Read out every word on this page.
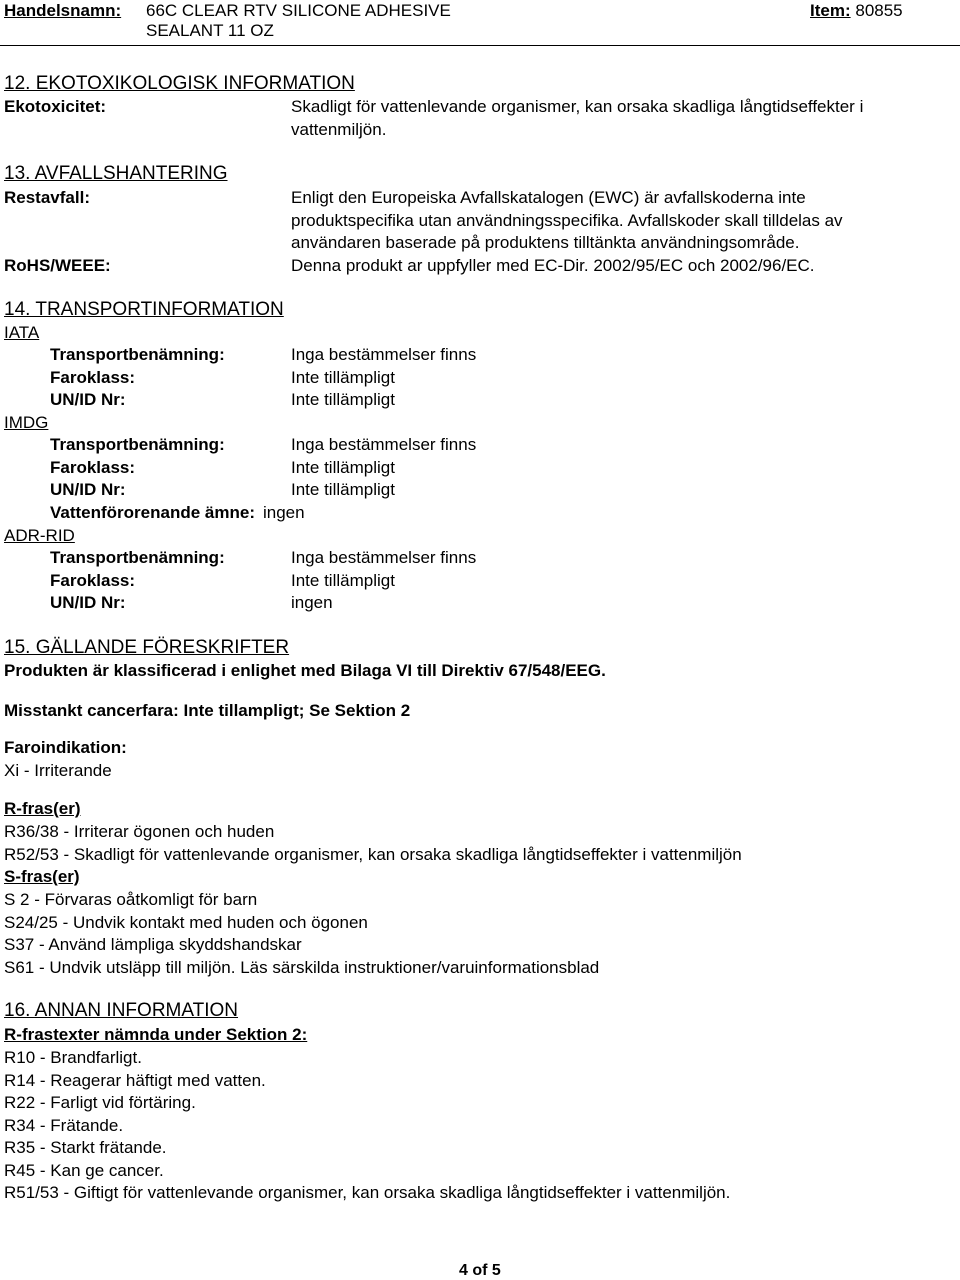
Handelsnamn: 66C CLEAR RTV SILICONE ADHESIVE
SEALANT 11 OZ
Item: 80855
12. EKOTOXIKOLOGISK INFORMATION
Ekotoxicitet:	Skadligt för vattenlevande organismer, kan orsaka skadliga långtidseffekter i vattenmiljön.
13. AVFALLSHANTERING
Restavfall:	Enligt den Europeiska Avfallskatalogen (EWC) är avfallskoderna inte produktspecifika utan användningsspecifika. Avfallskoder skall tilldelas av användaren baserade på produktens tilltänkta användningsområde.
RoHS/WEEE:	Denna produkt ar uppfyller med EC-Dir. 2002/95/EC och 2002/96/EC.
14. TRANSPORTINFORMATION
IATA
Transportbenämning:	Inga bestämmelser finns
Faroklass:	Inte tillämpligt
UN/ID Nr:	Inte tillämpligt
IMDG
Transportbenämning:	Inga bestämmelser finns
Faroklass:	Inte tillämpligt
UN/ID Nr:	Inte tillämpligt
Vattenförorenande ämne: ingen
ADR-RID
Transportbenämning:	Inga bestämmelser finns
Faroklass:	Inte tillämpligt
UN/ID Nr:	ingen
15. GÄLLANDE FÖRESKRIFTER
Produkten är klassificerad i enlighet med Bilaga VI till Direktiv 67/548/EEG.
Misstankt cancerfara: Inte tillampligt; Se Sektion 2
Faroindikation:
Xi - Irriterande
R-fras(er)
R36/38 - Irriterar ögonen och huden
R52/53 - Skadligt för vattenlevande organismer, kan orsaka skadliga långtidseffekter i vattenmiljön
S-fras(er)
S 2 - Förvaras oåtkomligt för barn
S24/25 - Undvik kontakt med huden och ögonen
S37 - Använd lämpliga skyddshandskar
S61 - Undvik utsläpp till miljön. Läs särskilda instruktioner/varuinformationsblad
16. ANNAN INFORMATION
R-frastexter nämnda under Sektion 2:
R10 - Brandfarligt.
R14 - Reagerar häftigt med vatten.
R22 - Farligt vid förtäring.
R34 - Frätande.
R35 - Starkt frätande.
R45 - Kan ge cancer.
R51/53 - Giftigt för vattenlevande organismer, kan orsaka skadliga långtidseffekter i vattenmiljön.
4 of 5
